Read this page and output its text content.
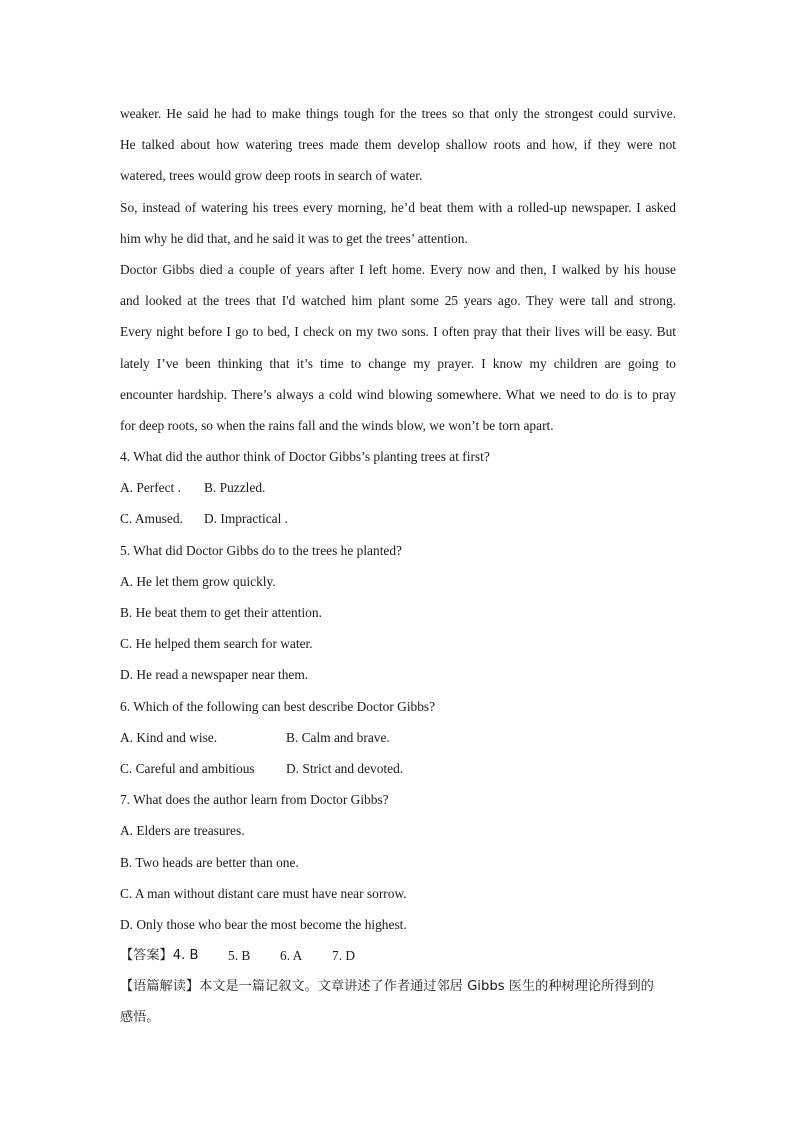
weaker. He said he had to make things tough for the trees so that only the strongest could survive.
He talked about how watering trees made them develop shallow roots and how, if they were not
watered, trees would grow deep roots in search of water.
So, instead of watering his trees every morning, he’d beat them with a rolled-up newspaper. I asked
him why he did that, and he said it was to get the trees’ attention.
Doctor Gibbs died a couple of years after I left home. Every now and then, I walked by his house
and looked at the trees that I'd watched him plant some 25 years ago. They were tall and strong.
Every night before I go to bed, I check on my two sons. I often pray that their lives will be easy. But
lately I’ve been thinking that it’s time to change my prayer. I know my children are going to
encounter hardship. There’s always a cold wind blowing somewhere. What we need to do is to pray
for deep roots, so when the rains fall and the winds blow, we won’t be torn apart.
4. What did the author think of Doctor Gibbs’s planting trees at first?
A. Perfect .	B. Puzzled.
C. Amused.	D. Impractical .
5. What did Doctor Gibbs do to the trees he planted?
A. He let them grow quickly.
B. He beat them to get their attention.
C. He helped them search for water.
D. He read a newspaper near them.
6. Which of the following can best describe Doctor Gibbs?
A. Kind and wise.	B. Calm and brave.
C. Careful and ambitious	D. Strict and devoted.
7. What does the author learn from Doctor Gibbs?
A. Elders are treasures.
B. Two heads are better than one.
C. A man without distant care must have near sorrow.
D. Only those who bear the most become the highest.
【答案】4. B	5. B	6. A	7. D
【语篇解读】本文是一篇记叙文。文章讲述了作者通过邻居 Gibbs 医生的种树理论所得到的
感悟。
